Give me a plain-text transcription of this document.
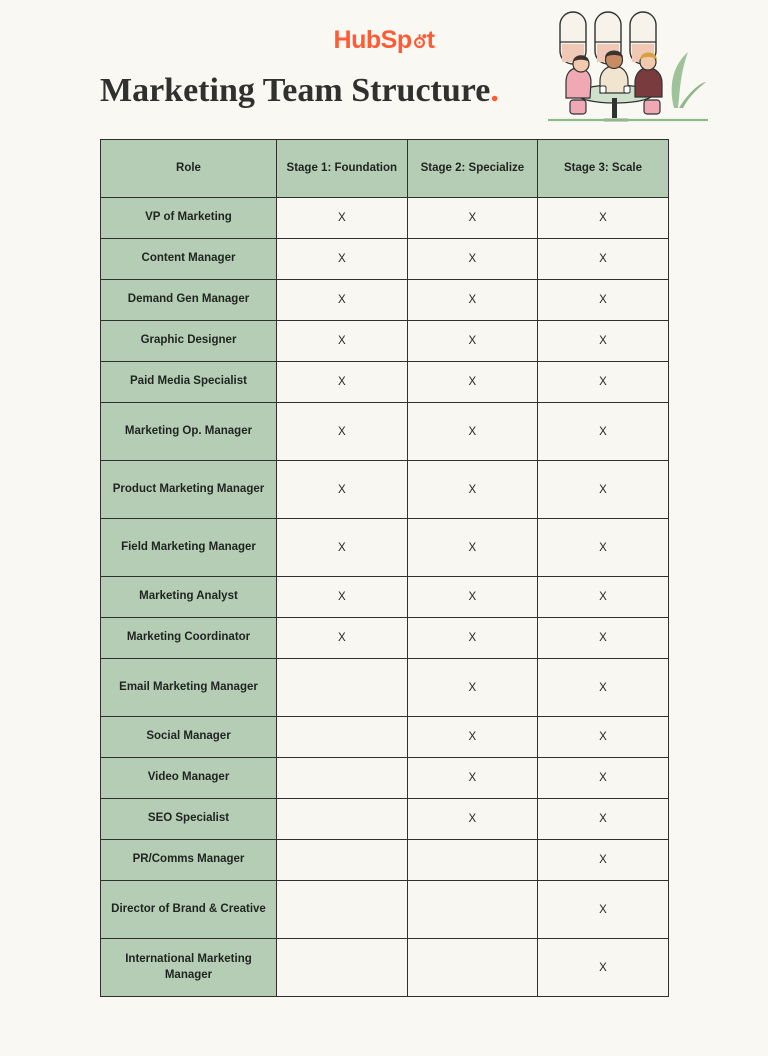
HubSp t
Marketing Team Structure.
Role	Stage 1: Foundation	Stage 2: Specialize	Stage 3: Scale
VP of Marketing	X	X	X
Content Manager	X	X	X
Demand Gen Manager	X	X	X
Graphic Designer	X	X	X
Paid Media Specialist	X	X	X
Marketing Op. Manager	X	X	X
Product Marketing Manager	X	X	X
Field Marketing Manager	X	X	X
Marketing Analyst	X	X	X
Marketing Coordinator	X	X	X
Email Marketing Manager		X	X
Social Manager		X	X
Video Manager		X	X
SEO Specialist		X	X
PR/Comms Manager			X
Director of Brand & Creative			X
International Marketing Manager			X
